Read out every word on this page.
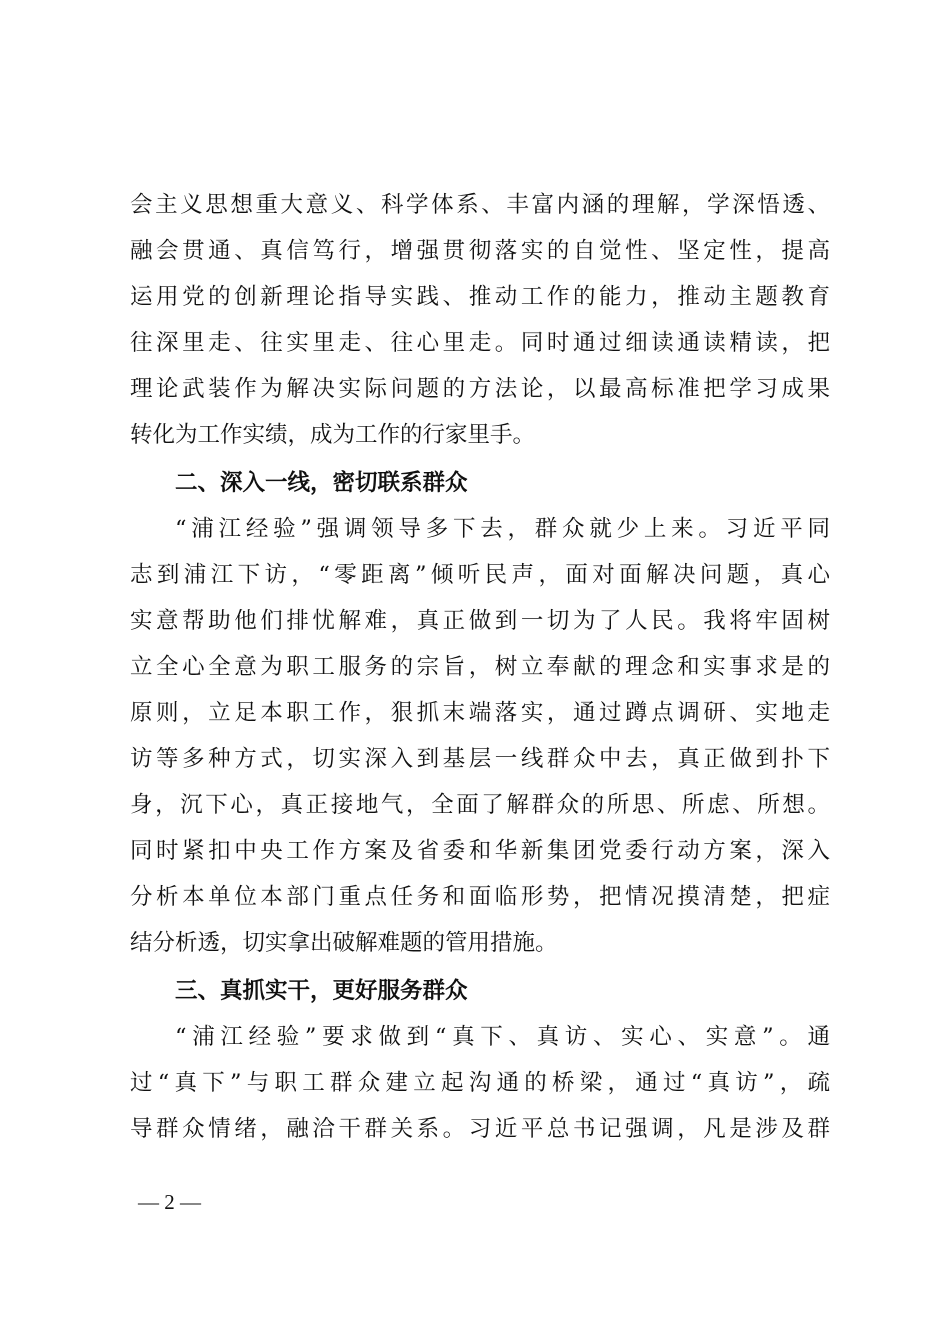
会主义思想重大意义、科学体系、丰富内涵的理解，学深悟透、
融会贯通、真信笃行，增强贯彻落实的自觉性、坚定性，提高
运用党的创新理论指导实践、推动工作的能力，推动主题教育
往深里走、往实里走、往心里走。同时通过细读通读精读，把
理论武装作为解决实际问题的方法论，以最高标准把学习成果
转化为工作实绩，成为工作的行家里手。
二、深入一线，密切联系群众
“浦江经验”强调领导多下去，群众就少上来。习近平同
志到浦江下访，“零距离”倾听民声，面对面解决问题，真心
实意帮助他们排忧解难，真正做到一切为了人民。我将牢固树
立全心全意为职工服务的宗旨，树立奉献的理念和实事求是的
原则，立足本职工作，狠抓末端落实，通过蹲点调研、实地走
访等多种方式，切实深入到基层一线群众中去，真正做到扑下
身，沉下心，真正接地气，全面了解群众的所思、所虑、所想。
同时紧扣中央工作方案及省委和华新集团党委行动方案，深入
分析本单位本部门重点任务和面临形势，把情况摸清楚，把症
结分析透，切实拿出破解难题的管用措施。
三、真抓实干，更好服务群众
“浦江经验”要求做到“真下、真访、实心、实意”。通
过“真下”与职工群众建立起沟通的桥梁，通过“真访”，疏
导群众情绪，融洽干群关系。习近平总书记强调，凡是涉及群
— 2 —
